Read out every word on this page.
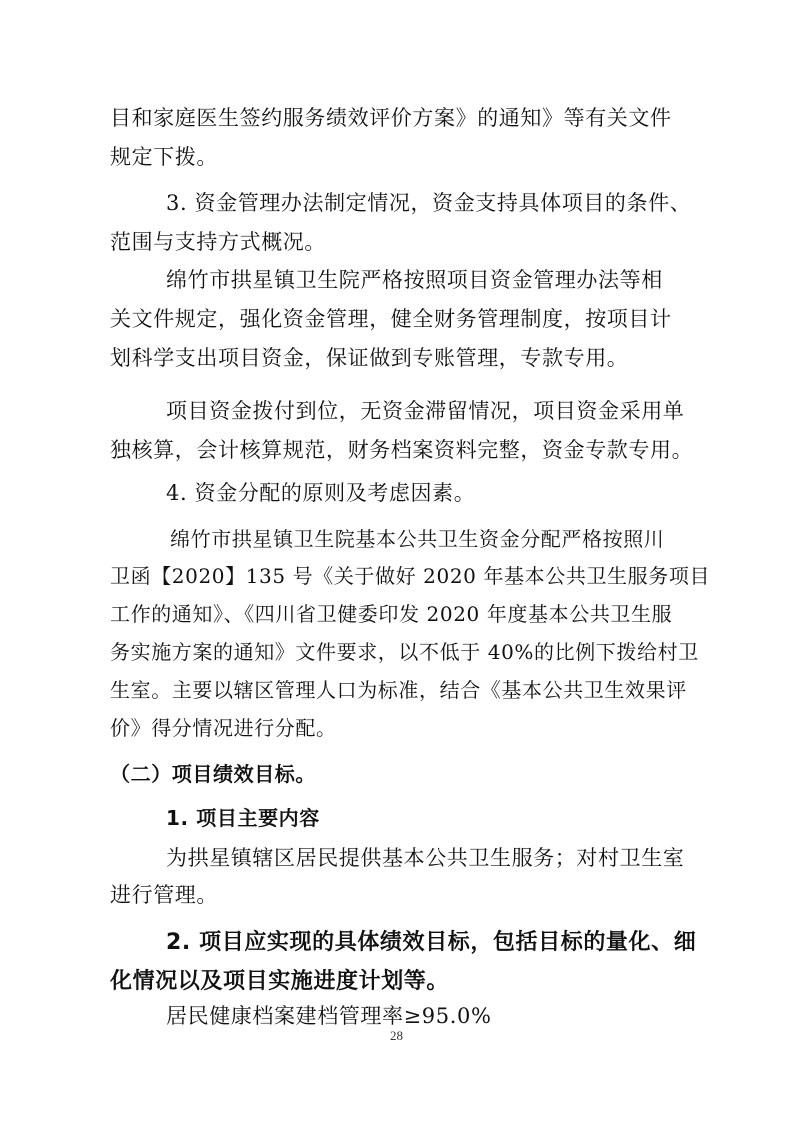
目和家庭医生签约服务绩效评价方案》的通知》等有关文件

规定下拨。

3. 资金管理办法制定情况，资金支持具体项目的条件、

范围与支持方式概况。

绵竹市拱星镇卫生院严格按照项目资金管理办法等相

关文件规定，强化资金管理，健全财务管理制度，按项目计

划科学支出项目资金，保证做到专账管理，专款专用。

项目资金拨付到位，无资金滞留情况，项目资金采用单

独核算，会计核算规范，财务档案资料完整，资金专款专用。

4. 资金分配的原则及考虑因素。

绵竹市拱星镇卫生院基本公共卫生资金分配严格按照川

卫函【2020】135 号《关于做好 2020 年基本公共卫生服务项目

工作的通知》、《四川省卫健委印发 2020 年度基本公共卫生服

务实施方案的通知》文件要求，以不低于 40%的比例下拨给村卫

生室。主要以辖区管理人口为标准，结合《基本公共卫生效果评

价》得分情况进行分配。

（二）项目绩效目标。

1. 项目主要内容

为拱星镇辖区居民提供基本公共卫生服务；对村卫生室

进行管理。

2. 项目应实现的具体绩效目标，包括目标的量化、细

化情况以及项目实施进度计划等。

居民健康档案建档管理率≥95.0%

28
